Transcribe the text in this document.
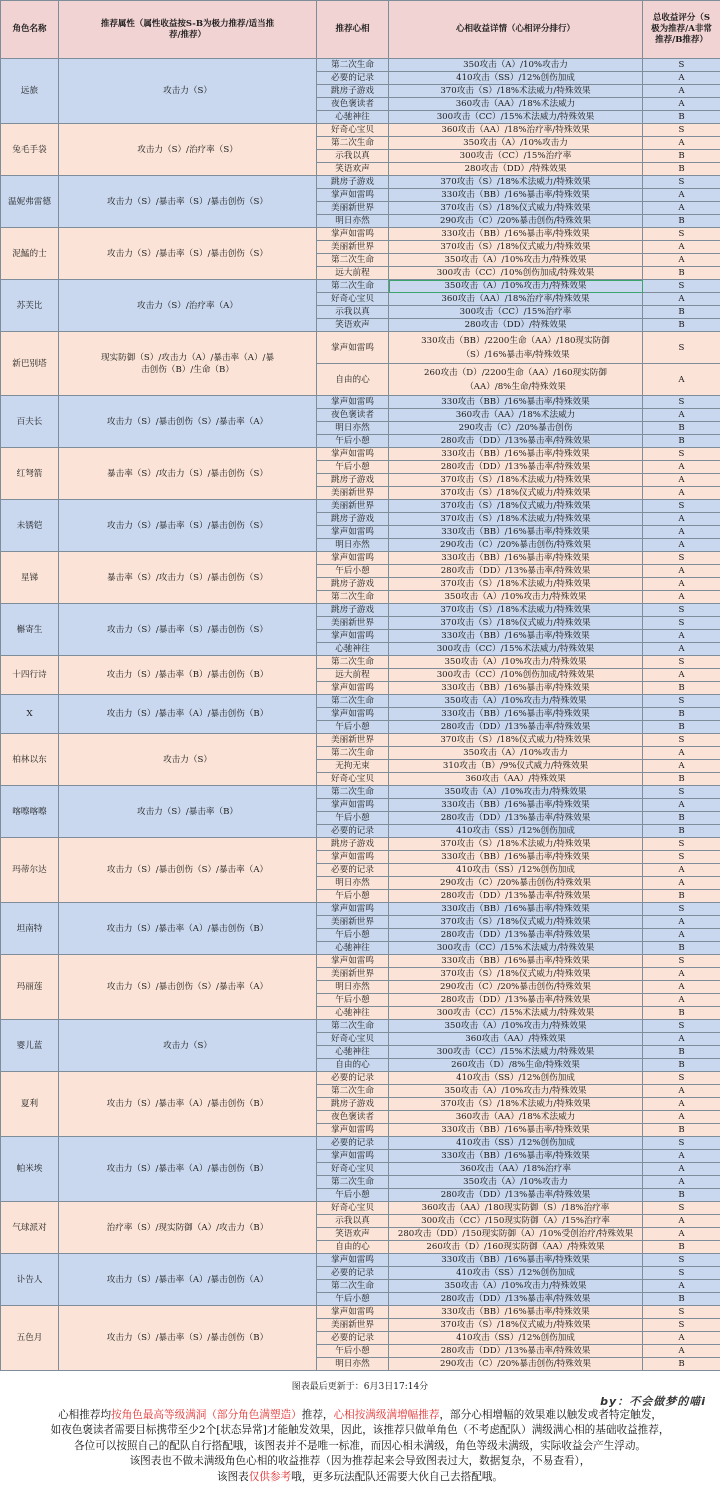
角色名称	推荐属性（属性收益按S-B为极力推荐/适当推荐/推荐）	推荐心相	心相收益详情（心相评分排行）	总收益评分（S极为推荐/A非常推荐/B推荐）
远旅	攻击力（S）	第二次生命	350攻击（A）/10%攻击力	S
		必要的记录	410攻击（SS）/12%创伤加成	A
		跳房子游戏	370攻击（S）/18%术法威力/特殊效果	A
		夜色褒读者	360攻击（AA）/18%术法威力	A
		心驰神往	300攻击（CC）/15%术法威力/特殊效果	B
兔毛手袋	攻击力（S）/治疗率（S）	好奇心宝贝	360攻击（AA）/18%治疗率/特殊效果	S
		第二次生命	350攻击（A）/10%攻击力	A
		示我以真	300攻击（CC）/15%治疗率	B
		笑语欢声	280攻击（DD）/特殊效果	B
温妮弗雷德	攻击力（S）/暴击率（S）/暴击创伤（S）	跳房子游戏	370攻击（S）/18%术法威力/特殊效果	S
		掌声如雷鸣	330攻击（BB）/16%暴击率/特殊效果	A
		美丽新世界	370攻击（S）/18%仪式威力/特殊效果	A
		明日亦然	290攻击（C）/20%暴击创伤/特殊效果	B
泥鯭的士	攻击力（S）/暴击率（S）/暴击创伤（S）	掌声如雷鸣	330攻击（BB）/16%暴击率/特殊效果	S
		美丽新世界	370攻击（S）/18%仪式威力/特殊效果	A
		第二次生命	350攻击（A）/10%攻击力/特殊效果	A
		远大前程	300攻击（CC）/10%创伤加成/特殊效果	B
苏芙比	攻击力（S）/治疗率（A）	第二次生命	350攻击（A）/10%攻击力/特殊效果	S
		好奇心宝贝	360攻击（AA）/18%治疗率/特殊效果	A
		示我以真	300攻击（CC）/15%治疗率	B
		笑语欢声	280攻击（DD）/特殊效果	B
新巴别塔	现实防御（S）/攻击力（A）/暴击率（A）/暴击创伤（B）/生命（B）	掌声如雷鸣	330攻击（BB）/2200生命（AA）/180现实防御（S）/16%暴击率/特殊效果	S
		自由的心	260攻击（D）/2200生命（AA）/160现实防御（AA）/8%生命/特殊效果	A
百夫长	攻击力（S）/暴击创伤（S）/暴击率（A）	掌声如雷鸣	330攻击（BB）/16%暴击率/特殊效果	S
		夜色褒读者	360攻击（AA）/18%术法威力	A
		明日亦然	290攻击（C）/20%暴击创伤	B
		午后小憩	280攻击（DD）/13%暴击率/特殊效果	B
红弩箭	暴击率（S）/攻击力（S）/暴击创伤（S）	掌声如雷鸣	330攻击（BB）/16%暴击率/特殊效果	S
		午后小憩	280攻击（DD）/13%暴击率/特殊效果	A
		跳房子游戏	370攻击（S）/18%术法威力/特殊效果	A
		美丽新世界	370攻击（S）/18%仪式威力/特殊效果	A
未锈铠	攻击力（S）/暴击率（S）/暴击创伤（S）	美丽新世界	370攻击（S）/18%仪式威力/特殊效果	S
		跳房子游戏	370攻击（S）/18%术法威力/特殊效果	A
		掌声如雷鸣	330攻击（BB）/16%暴击率/特殊效果	A
		明日亦然	290攻击（C）/20%暴击创伤/特殊效果	A
星锑	暴击率（S）/攻击力（S）/暴击创伤（S）	掌声如雷鸣	330攻击（BB）/16%暴击率/特殊效果	S
		午后小憩	280攻击（DD）/13%暴击率/特殊效果	A
		跳房子游戏	370攻击（S）/18%术法威力/特殊效果	A
		第二次生命	350攻击（A）/10%攻击力/特殊效果	A
槲寄生	攻击力（S）/暴击率（S）/暴击创伤（S）	跳房子游戏	370攻击（S）/18%术法威力/特殊效果	S
		美丽新世界	370攻击（S）/18%仪式威力/特殊效果	S
		掌声如雷鸣	330攻击（BB）/16%暴击率/特殊效果	A
		心驰神往	300攻击（CC）/15%术法威力/特殊效果	A
十四行诗	攻击力（S）/暴击率（B）/暴击创伤（B）	第二次生命	350攻击（A）/10%攻击力/特殊效果	S
		远大前程	300攻击（CC）/10%创伤加成/特殊效果	A
		掌声如雷鸣	330攻击（BB）/16%暴击率/特殊效果	B
X	攻击力（S）/暴击率（A）/暴击创伤（B）	第二次生命	350攻击（A）/10%攻击力/特殊效果	S
		掌声如雷鸣	330攻击（BB）/16%暴击率/特殊效果	B
		午后小憩	280攻击（DD）/13%暴击率/特殊效果	B
柏林以东	攻击力（S）	美丽新世界	370攻击（S）/18%仪式威力/特殊效果	S
		第二次生命	350攻击（A）/10%攻击力	A
		无拘无束	310攻击（B）/9%仪式威力/特殊效果	A
		好奇心宝贝	360攻击（AA）/特殊效果	B
喀嚓喀嚓	攻击力（S）/暴击率（B）	第二次生命	350攻击（A）/10%攻击力/特殊效果	S
		掌声如雷鸣	330攻击（BB）/16%暴击率/特殊效果	A
		午后小憩	280攻击（DD）/13%暴击率/特殊效果	B
		必要的记录	410攻击（SS）/12%创伤加成	B
玛蒂尔达	攻击力（S）/暴击创伤（S）/暴击率（A）	跳房子游戏	370攻击（S）/18%术法威力/特殊效果	S
		掌声如雷鸣	330攻击（BB）/16%暴击率/特殊效果	S
		必要的记录	410攻击（SS）/12%创伤加成	A
		明日亦然	290攻击（C）/20%暴击创伤/特殊效果	A
		午后小憩	280攻击（DD）/13%暴击率/特殊效果	B
坦南特	攻击力（S）/暴击率（A）/暴击创伤（B）	掌声如雷鸣	330攻击（BB）/16%暴击率/特殊效果	S
		美丽新世界	370攻击（S）/18%仪式威力/特殊效果	A
		午后小憩	280攻击（DD）/13%暴击率/特殊效果	A
		心驰神往	300攻击（CC）/15%术法威力/特殊效果	B
玛丽莲	攻击力（S）/暴击创伤（S）/暴击率（A）	掌声如雷鸣	330攻击（BB）/16%暴击率/特殊效果	S
		美丽新世界	370攻击（S）/18%仪式威力/特殊效果	A
		明日亦然	290攻击（C）/20%暴击创伤/特殊效果	A
		午后小憩	280攻击（DD）/13%暴击率/特殊效果	A
		心驰神往	300攻击（CC）/15%术法威力/特殊效果	B
婴儿蓝	攻击力（S）	第二次生命	350攻击（A）/10%攻击力/特殊效果	S
		好奇心宝贝	360攻击（AA）/特殊效果	A
		心驰神往	300攻击（CC）/15%术法威力/特殊效果	B
		自由的心	260攻击（D）/8%生命/特殊效果	B
夏利	攻击力（S）/暴击率（A）/暴击创伤（B）	必要的记录	410攻击（SS）/12%创伤加成	S
		第二次生命	350攻击（A）/10%攻击力/特殊效果	A
		跳房子游戏	370攻击（S）/18%术法威力/特殊效果	A
		夜色褒读者	360攻击（AA）/18%术法威力	A
		掌声如雷鸣	330攻击（BB）/16%暴击率/特殊效果	B
帕米埃	攻击力（S）/暴击率（A）/暴击创伤（B）	必要的记录	410攻击（SS）/12%创伤加成	S
		掌声如雷鸣	330攻击（BB）/16%暴击率/特殊效果	A
		好奇心宝贝	360攻击（AA）/18%治疗率	A
		第二次生命	350攻击（A）/10%攻击力	A
		午后小憩	280攻击（DD）/13%暴击率/特殊效果	B
气球派对	治疗率（S）/现实防御（A）/攻击力（B）	好奇心宝贝	360攻击（AA）/180现实防御（S）/18%治疗率	S
		示我以真	300攻击（CC）/150现实防御（A）/15%治疗率	A
		笑语欢声	280攻击（DD）/150现实防御（A）/10%受创治疗/特殊效果	A
		自由的心	260攻击（D）/160现实防御（AA）/特殊效果	B
讣告人	攻击力（S）/暴击率（A）/暴击创伤（A）	掌声如雷鸣	330攻击（BB）/16%暴击率/特殊效果	S
		必要的记录	410攻击（SS）/12%创伤加成	S
		第二次生命	350攻击（A）/10%攻击力/特殊效果	A
		午后小憩	280攻击（DD）/13%暴击率/特殊效果	B
五色月	攻击力（S）/暴击率（S）/暴击创伤（B）	掌声如雷鸣	330攻击（BB）/16%暴击率/特殊效果	S
		美丽新世界	370攻击（S）/18%仪式威力/特殊效果	S
		必要的记录	410攻击（SS）/12%创伤加成	A
		午后小憩	280攻击（DD）/13%暴击率/特殊效果	A
		明日亦然	290攻击（C）/20%暴击创伤/特殊效果	B
图表最后更新于：6月3日17:14分
by：不会做梦的喵i
心相推荐均按角色最高等级满洞（部分角色满塑造）推荐，心相按满级满增幅推荐，部分心相增幅的效果难以触发或者特定触发，
如夜色褒读者需要目标携带至少2个[状态异常]才能触发效果，因此，该推荐只做单角色（不考虑配队）满级满心相的基础收益推荐，
各位可以按照自己的配队自行搭配哦，该图表并不是唯一标准，而因心相未满级，角色等级未满级，实际收益会产生浮动。
该图表也不做未满级角色心相的收益推荐（因为推荐起来会导致图表过大，数据复杂，不易查看），
该图表仅供参考哦，更多玩法配队还需要大伙自己去搭配哦。
